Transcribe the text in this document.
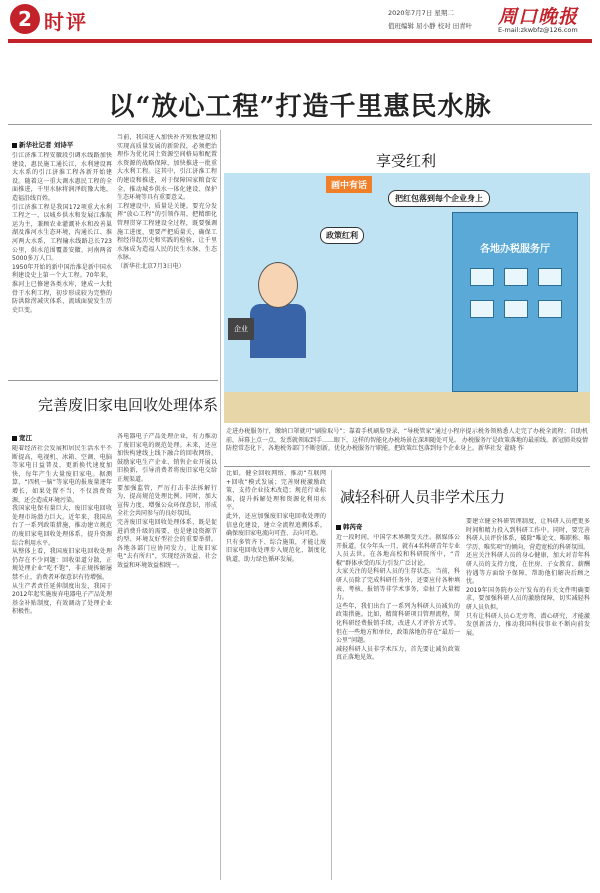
2 时评	2020年7月7日 星期二
值班编辑 屈小静 校对 田青叶 周口晚报
E-mail:zkwbfz@126.com
以“放心工程”打造千里惠民水脉
新华社记者 刘诗平
引江济淮工程安徽段引调水线路加快建设，惠民施工通长江，水利建设再大水系的引江济淮工程各新开始建设。随着这一重大调水惠民工程的全面推进，千里水脉将润泽皖豫大地，造福沿线百姓。
引江济淮工程是我国172项重大水利工程之一，以城乡供水和发展江淮航运为主，兼顾农业灌溉补水和改善巢湖及淮河水生态环境，沟通长江、淮河两大水系，工程输水线路总长723公里，供水范围覆盖安徽、河南两省5000多万人口。
1950年开始的新中国治淮是新中国水利建设史上第一个大工程。70年来，淮河上已修建各类水库，建成一大批骨干水利工程，初步形成较为完整的防洪除涝减灾体系，流域面貌发生历史巨变。
当前，我国进入加快补齐短板建设和实现高质量发展的新阶段，必须把治理作为优化国土资源空间格局和配置水资源的战略保障，加快推进一批重大水利工程。这其中，引江济淮工程的建设和推进，对于保障国家粮食安全、推动城乡供水一体化建设、保护生态环境等具有重要意义。
工程建设中，质量是关键。要充分发挥“放心工程”的引领作用，把精细化管理贯穿工程建设全过程，既要强调施工进度，更要严把质量关，确保工程经得起历史和实践的检验，让千里水脉成为造福人民的民生水脉、生态水脉。
（新华社北京7月3日电）
完善废旧家电回收处理体系
宽江
随着经济社会发展和居民生活水平不断提高，电视机、冰箱、空调、电脑等家电日益普及，更新换代速度加快，每年产生大量废旧家电。据测算，“四机一脑”等家电的报废量逐年增长，如果处置不当，不仅浪费资源，还会造成环境污染。
我国家电保有量巨大，废旧家电回收处理市场潜力巨大。近年来，我国出台了一系列政策措施，推动建立规范的废旧家电回收处理体系，提升资源综合利用水平。
从整体上看，我国废旧家电回收处理仍存在不少问题：回收渠道分散，正规处理企业“吃不饱”，非正规拆解屡禁不止，消费者环保意识有待增强。
从生产者责任延伸制度出发，我国于2012年起实施废弃电器电子产品处理基金补贴制度，有效调动了处理企业积极性。
各电器电子产品处理企业，有力推动了废旧家电的规范处理。未来，还应加快构建线上线下融合的回收网络，鼓励家电生产企业、销售企业开展以旧换新，引导消费者将废旧家电交给正规渠道。
要加强监管，严厉打击非法拆解行为，提高规范处理比例。同时，加大宣传力度，增强公众环保意识，形成全社会共同参与的良好氛围。
完善废旧家电回收处理体系，既是促进消费升级的需要，也是建设资源节约型、环境友好型社会的重要举措。各地各部门应协同发力，让废旧家电“去有所归”，实现经济效益、社会效益和环境效益相统一。
享受红利
各地办税服务厅
企业
画中有话
把红包落到每个企业身上
政策红利
走进办税服务厅，缴纳口罩就可“刷脸取号”；靠着手机刷脸登录，“导税管家”通过小程序提示税务领熟悉人走完了办税全流程；自助机前，屏幕上点一点，发票就领取到手……眼下，这样的智能化办税场景在深圳随处可见。 办税服务厅是政策落地的最前线。新冠肺炎疫情防控常态化下，各地税务部门不断创新，优化办税服务厅职能，把政策红包落到每个企业身上。新华社发 翟晓 作
比如，健全回收网络，推动“互联网+回收”模式发展；完善财税激励政策，支持企业技术改造；规范行业标准，提升拆解处理和资源化利用水平。
此外，还应加强废旧家电回收处理的信息化建设，建立全流程追溯体系，确保废旧家电流向可查、去向可追。
只有多管齐下、综合施策，才能让废旧家电回收处理步入规范化、制度化轨道，助力绿色循环发展。
减轻科研人员非学术压力
韩芮奇
近一段时间，中国学术界颇受关注。据媒体公开报道，仅今年头一月，就有4名科研青年专业人员去世。在各地高校和科研院所中，“青椒”群体承受的压力引发广泛讨论。
大家关注的是科研人员的生存状态。当前，科研人员除了完成科研任务外，还要应付各种填表、考核、报销等非学术事务，牵扯了大量精力。
这些年，我们出台了一系列为科研人员减负的政策措施。比如，精简科研项目管理流程，简化科研经费报销手续，改进人才评价方式等。但在一些地方和单位，政策落地仍存在“最后一公里”问题。
减轻科研人员非学术压力，首先要让减负政策真正落地见效。
要建立健全科研管理制度，让科研人员把更多时间和精力投入到科研工作中。同时，要完善科研人员评价体系，破除“唯论文、唯职称、唯学历、唯奖项”的倾向，营造宽松的科研氛围。
还应关注科研人员的身心健康，加大对青年科研人员的支持力度，在住房、子女教育、薪酬待遇等方面给予保障，帮助他们解决后顾之忧。
2019年国务院办公厅发布的有关文件明确要求，要加强科研人员的激励保障，切实减轻科研人员负担。
只有让科研人员心无旁骛、潜心研究，才能激发创新活力，推动我国科技事业不断向前发展。
